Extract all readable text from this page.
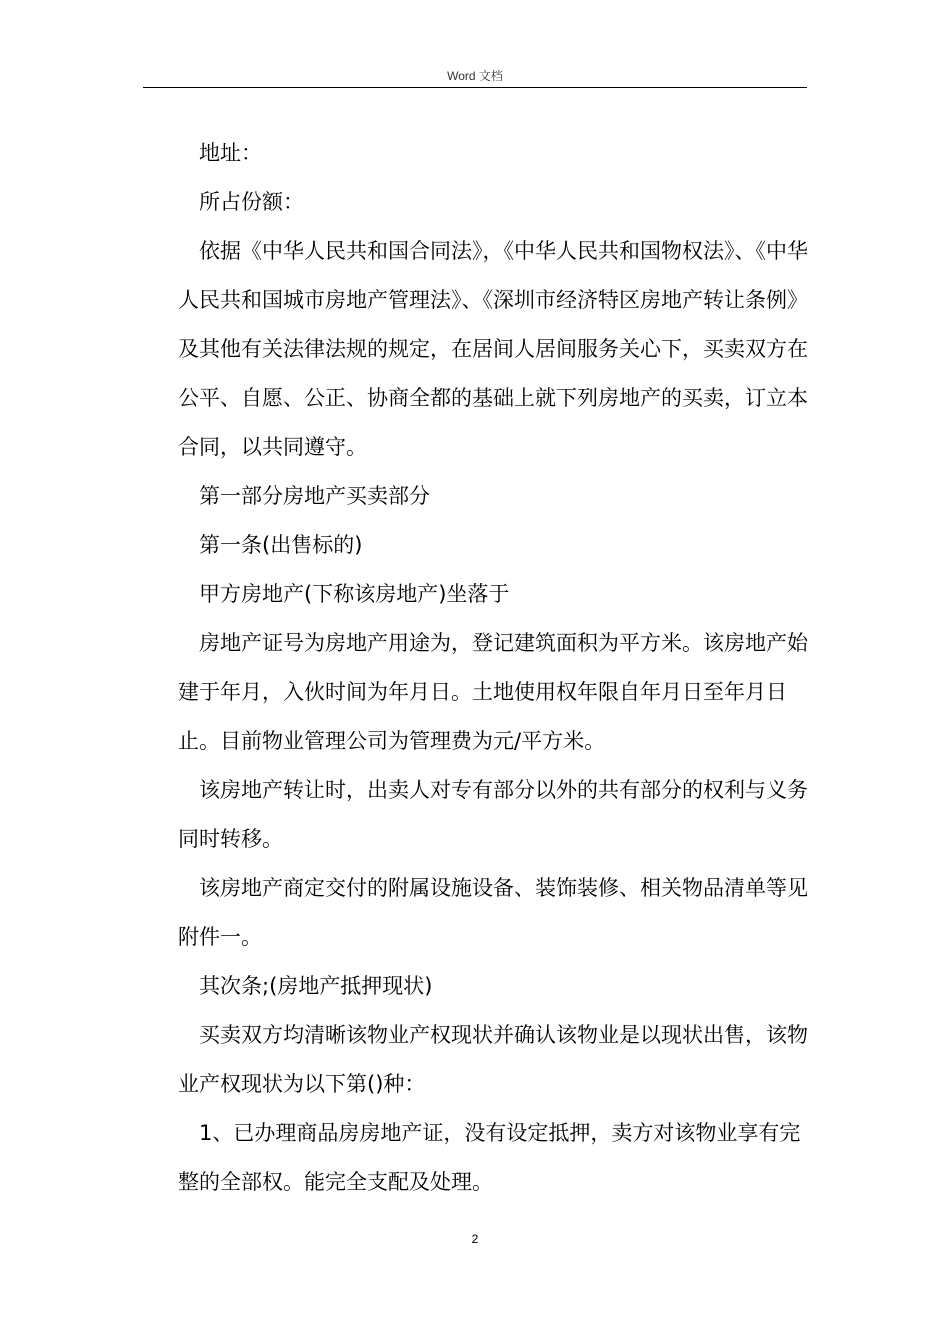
Word 文档

地址：

所占份额：

依据《中华人民共和国合同法》，《中华人民共和国物权法》、《中华人民共和国城市房地产管理法》、《深圳市经济特区房地产转让条例》及其他有关法律法规的规定，在居间人居间服务关心下，买卖双方在公平、自愿、公正、协商全都的基础上就下列房地产的买卖，订立本合同，以共同遵守。

第一部分房地产买卖部分

第一条(出售标的)

甲方房地产(下称该房地产)坐落于

房地产证号为房地产用途为，登记建筑面积为平方米。该房地产始建于年月，入伙时间为年月日。土地使用权年限自年月日至年月日止。目前物业管理公司为管理费为元/平方米。

该房地产转让时，出卖人对专有部分以外的共有部分的权利与义务同时转移。

该房地产商定交付的附属设施设备、装饰装修、相关物品清单等见附件一。

其次条;(房地产抵押现状)

买卖双方均清晰该物业产权现状并确认该物业是以现状出售，该物业产权现状为以下第()种：

1、已办理商品房房地产证，没有设定抵押，卖方对该物业享有完整的全部权。能完全支配及处理。

2
